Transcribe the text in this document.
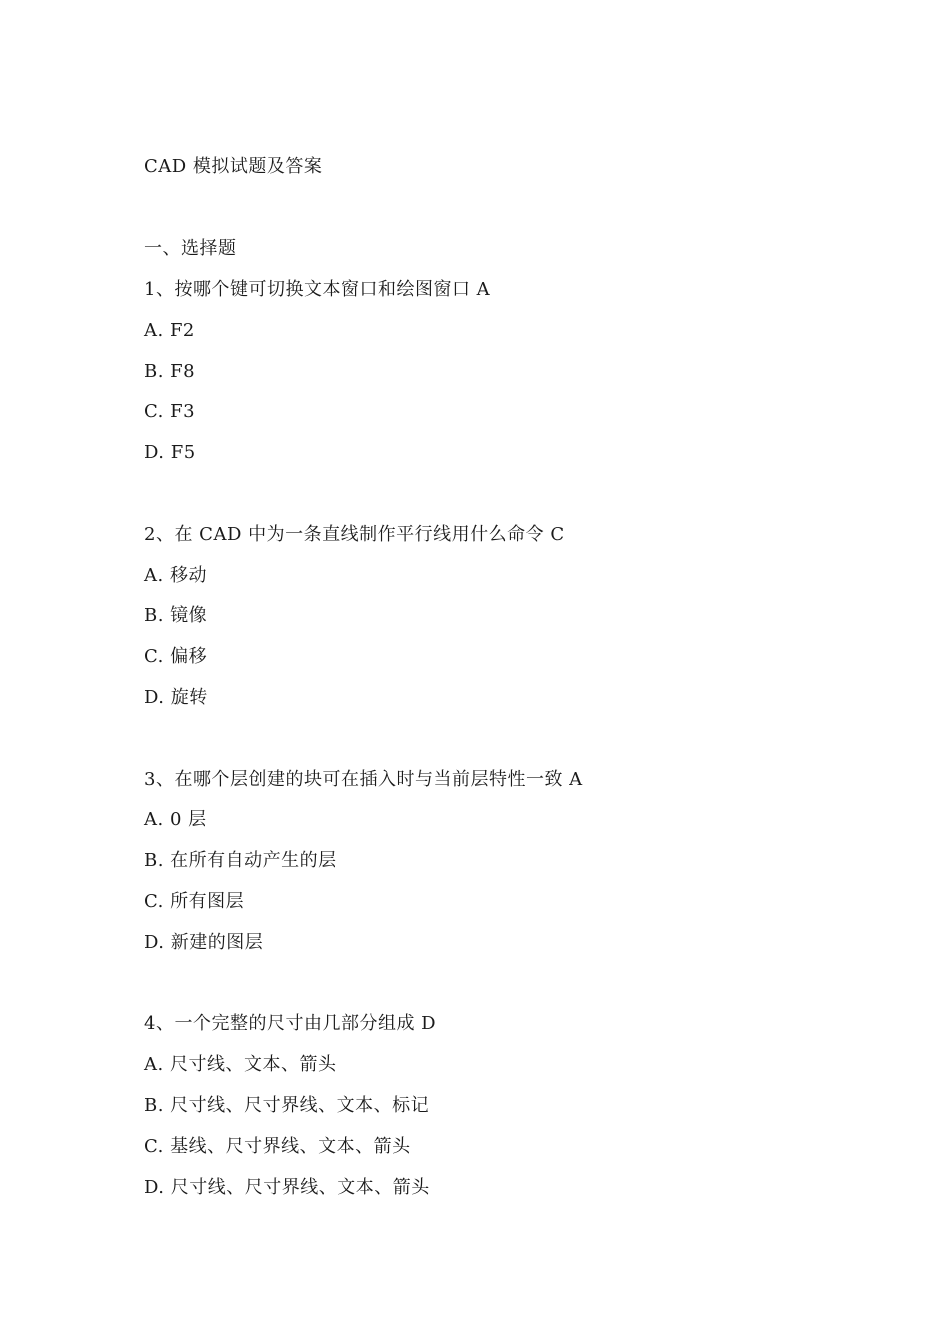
CAD 模拟试题及答案
一、选择题
1、按哪个键可切换文本窗口和绘图窗口 A
A. F2
B. F8
C. F3
D. F5
2、在 CAD 中为一条直线制作平行线用什么命令 C
A. 移动
B. 镜像
C. 偏移
D. 旋转
3、在哪个层创建的块可在插入时与当前层特性一致 A
A. 0 层
B. 在所有自动产生的层
C. 所有图层
D. 新建的图层
4、一个完整的尺寸由几部分组成 D
A. 尺寸线、文本、箭头
B. 尺寸线、尺寸界线、文本、标记
C. 基线、尺寸界线、文本、箭头
D. 尺寸线、尺寸界线、文本、箭头
